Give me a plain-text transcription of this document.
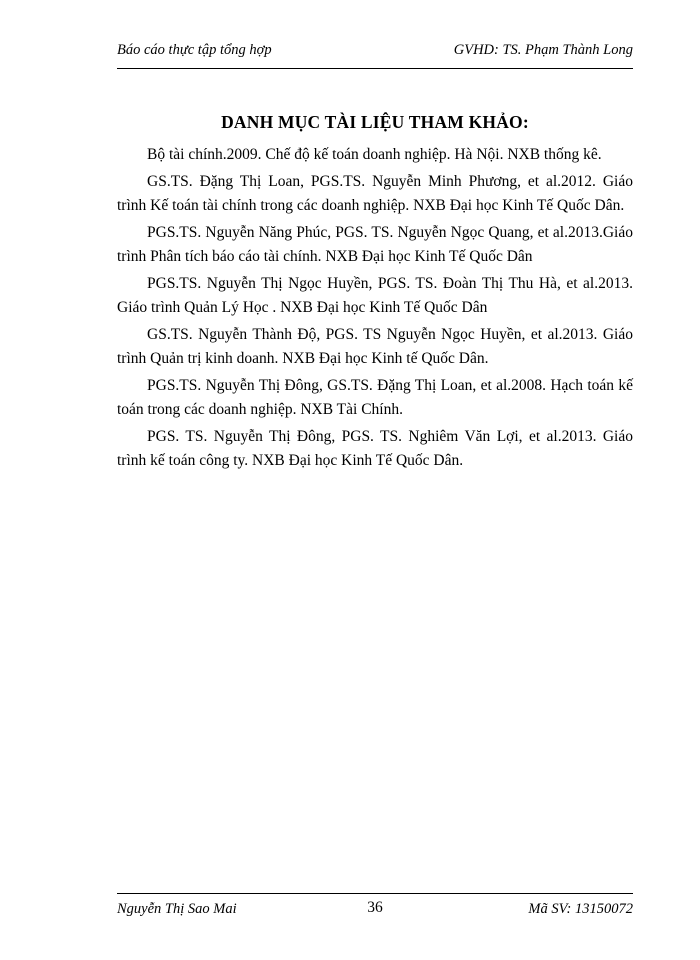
Báo cáo thực tập tổng hợp	GVHD: TS. Phạm Thành Long
DANH MỤC TÀI LIỆU THAM KHẢO:

Bộ tài chính.2009. Chế độ kế toán doanh nghiệp. Hà Nội. NXB thống kê.

GS.TS. Đặng Thị Loan, PGS.TS. Nguyễn Minh Phương, et al.2012. Giáo trình Kế toán tài chính trong các doanh nghiệp. NXB Đại học Kinh Tế Quốc Dân.

PGS.TS. Nguyễn Năng Phúc, PGS. TS. Nguyễn Ngọc Quang, et al.2013.Giáo trình Phân tích báo cáo tài chính. NXB Đại học Kinh Tế Quốc Dân

PGS.TS. Nguyễn Thị Ngọc Huyền, PGS. TS. Đoàn Thị Thu Hà, et al.2013. Giáo trình Quản Lý Học . NXB Đại học Kinh Tế Quốc Dân

GS.TS. Nguyễn Thành Độ, PGS. TS Nguyễn Ngọc Huyền, et al.2013. Giáo trình Quản trị kinh doanh. NXB Đại học Kinh tế Quốc Dân.

PGS.TS. Nguyễn Thị Đông, GS.TS. Đặng Thị Loan, et al.2008. Hạch toán kế toán trong các doanh nghiệp. NXB Tài Chính.

PGS. TS. Nguyễn Thị Đông, PGS. TS. Nghiêm Văn Lợi, et al.2013. Giáo trình kế toán công ty. NXB Đại học Kinh Tế Quốc Dân.

Nguyễn Thị Sao Mai	36	Mã SV: 13150072
